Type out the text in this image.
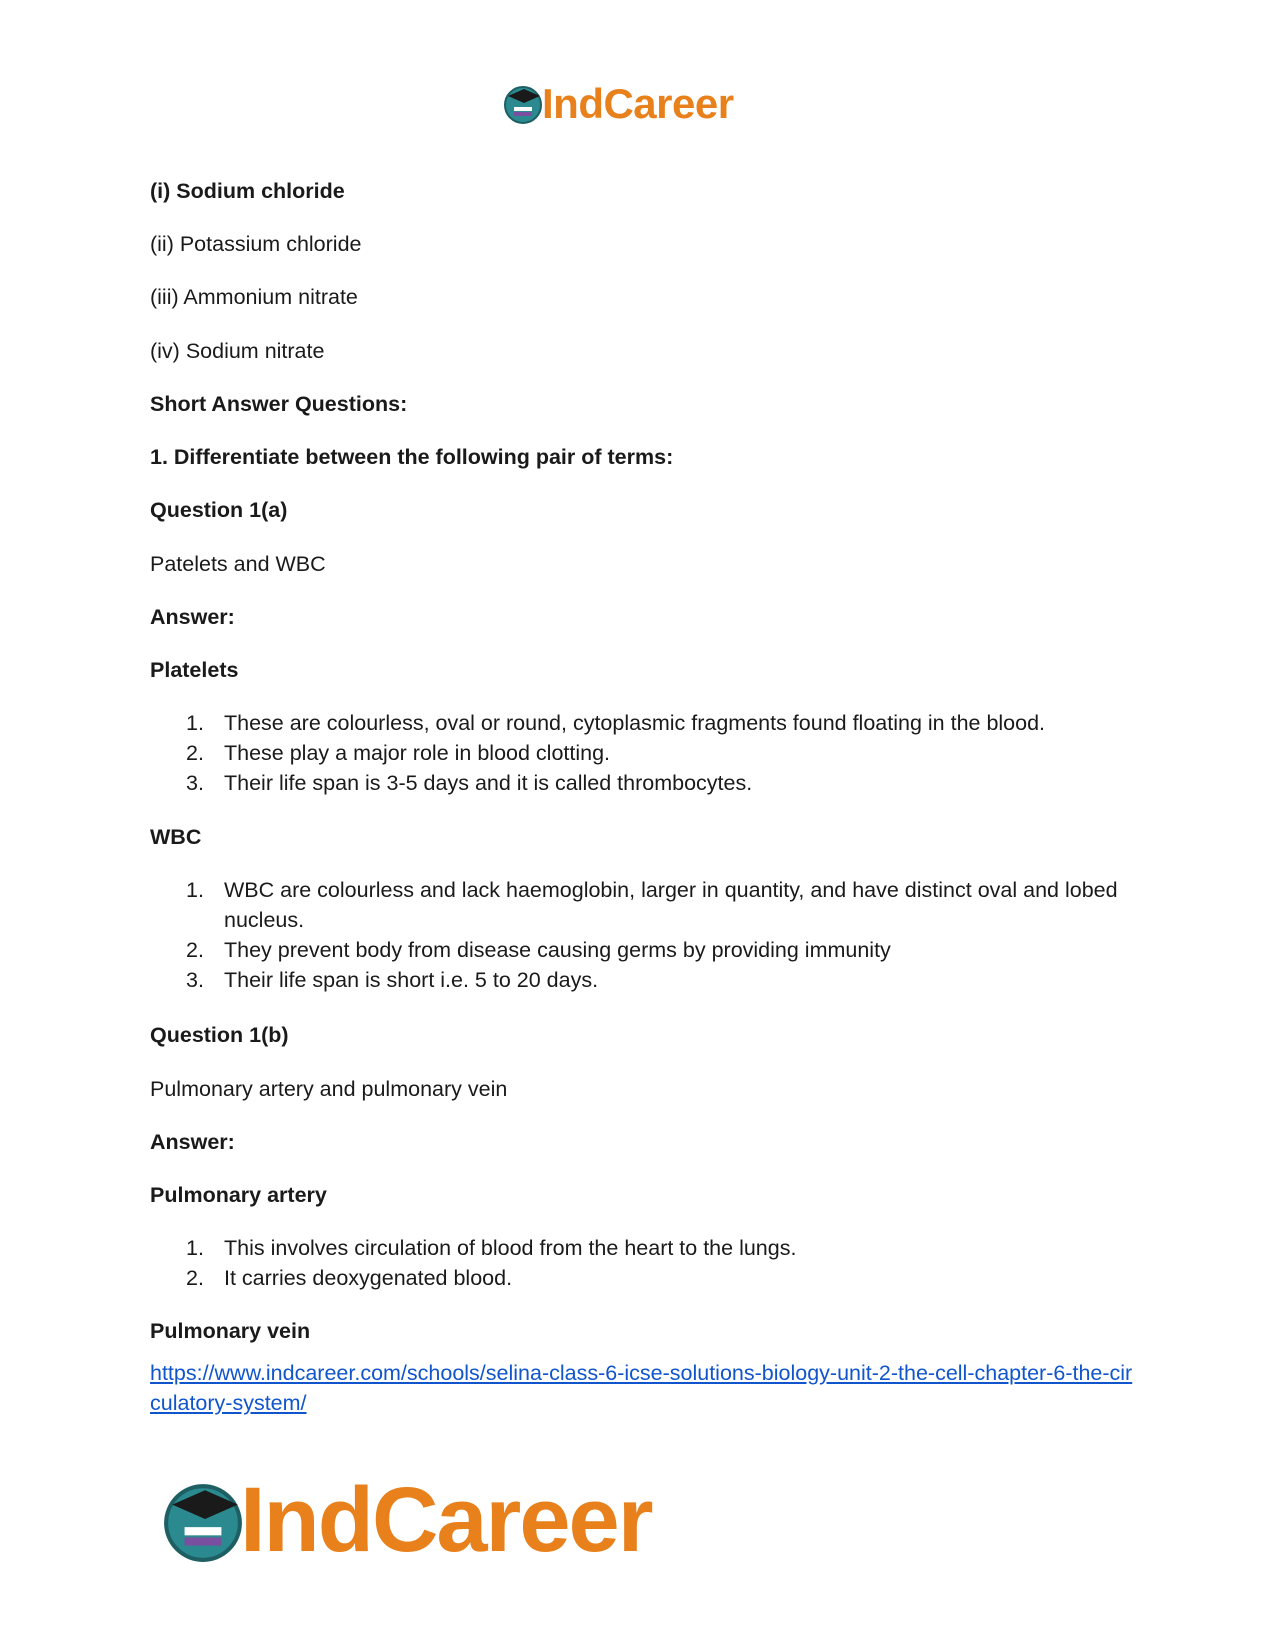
IndCareer

(i) Sodium chloride

(ii) Potassium chloride

(iii) Ammonium nitrate

(iv) Sodium nitrate

Short Answer Questions:

1. Differentiate between the following pair of terms:

Question 1(a)

Patelets and WBC

Answer:

Platelets

1. These are colourless, oval or round, cytoplasmic fragments found floating in the blood.
2. These play a major role in blood clotting.
3. Their life span is 3-5 days and it is called thrombocytes.

WBC

1. WBC are colourless and lack haemoglobin, larger in quantity, and have distinct oval and lobed nucleus.
2. They prevent body from disease causing germs by providing immunity
3. Their life span is short i.e. 5 to 20 days.

Question 1(b)

Pulmonary artery and pulmonary vein

Answer:

Pulmonary artery

1. This involves circulation of blood from the heart to the lungs.
2. It carries deoxygenated blood.

Pulmonary vein

https://www.indcareer.com/schools/selina-class-6-icse-solutions-biology-unit-2-the-cell-chapter-6-the-circulatory-system/
IndCareer
